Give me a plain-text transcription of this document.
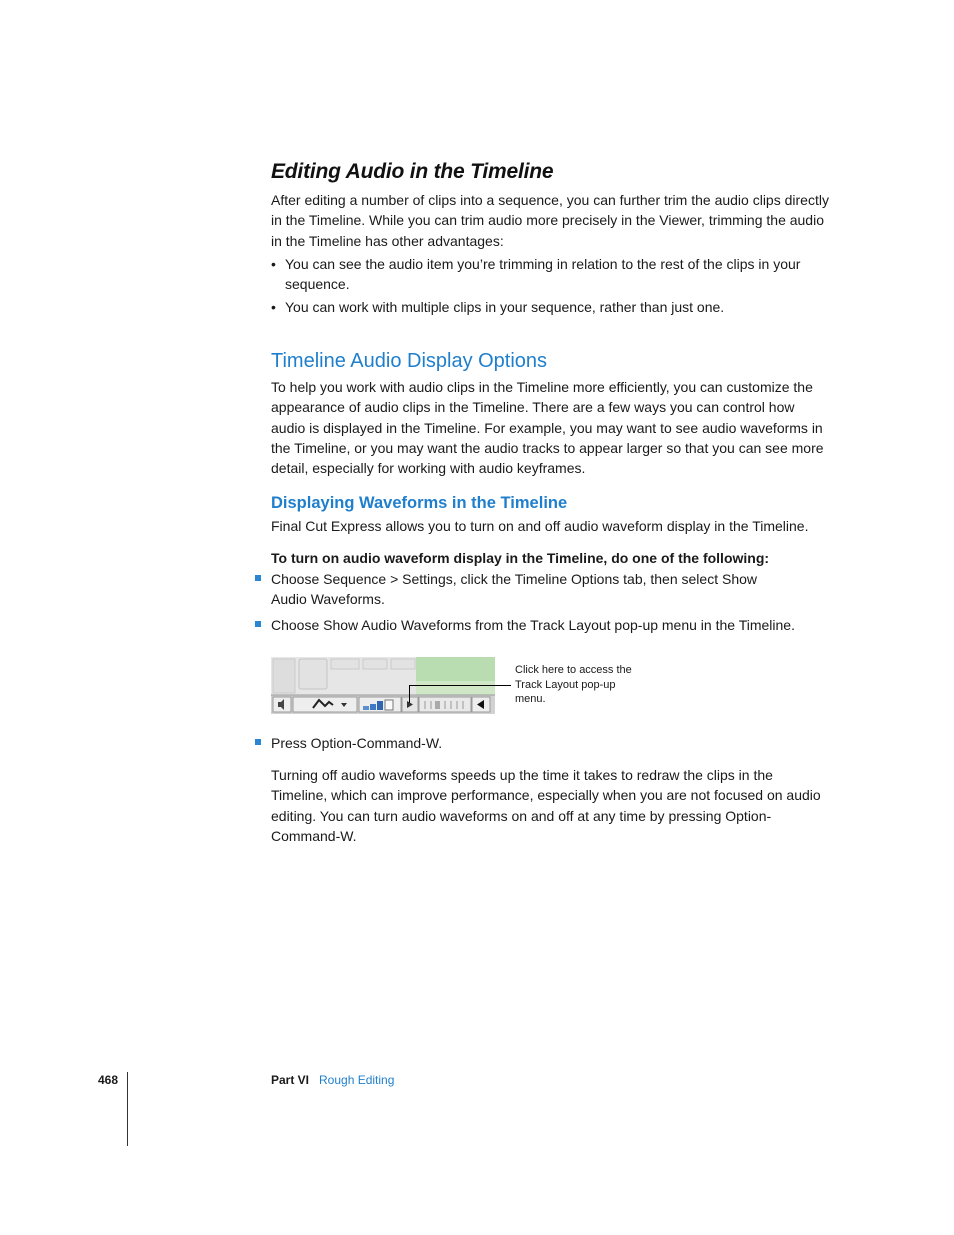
Editing Audio in the Timeline

After editing a number of clips into a sequence, you can further trim the audio clips directly in the Timeline. While you can trim audio more precisely in the Viewer, trimming the audio in the Timeline has other advantages:

• You can see the audio item you’re trimming in relation to the rest of the clips in your sequence.

• You can work with multiple clips in your sequence, rather than just one.

Timeline Audio Display Options

To help you work with audio clips in the Timeline more efficiently, you can customize the appearance of audio clips in the Timeline. There are a few ways you can control how audio is displayed in the Timeline. For example, you may want to see audio waveforms in the Timeline, or you may want the audio tracks to appear larger so that you can see more detail, especially for working with audio keyframes.

Displaying Waveforms in the Timeline

Final Cut Express allows you to turn on and off audio waveform display in the Timeline.

To turn on audio waveform display in the Timeline, do one of the following:

Choose Sequence > Settings, click the Timeline Options tab, then select Show Audio Waveforms.

Choose Show Audio Waveforms from the Track Layout pop-up menu in the Timeline.

Click here to access the Track Layout pop-up menu.

Press Option-Command-W.

Turning off audio waveforms speeds up the time it takes to redraw the clips in the Timeline, which can improve performance, especially when you are not focused on audio editing. You can turn audio waveforms on and off at any time by pressing Option-Command-W.

468	Part VI Rough Editing
